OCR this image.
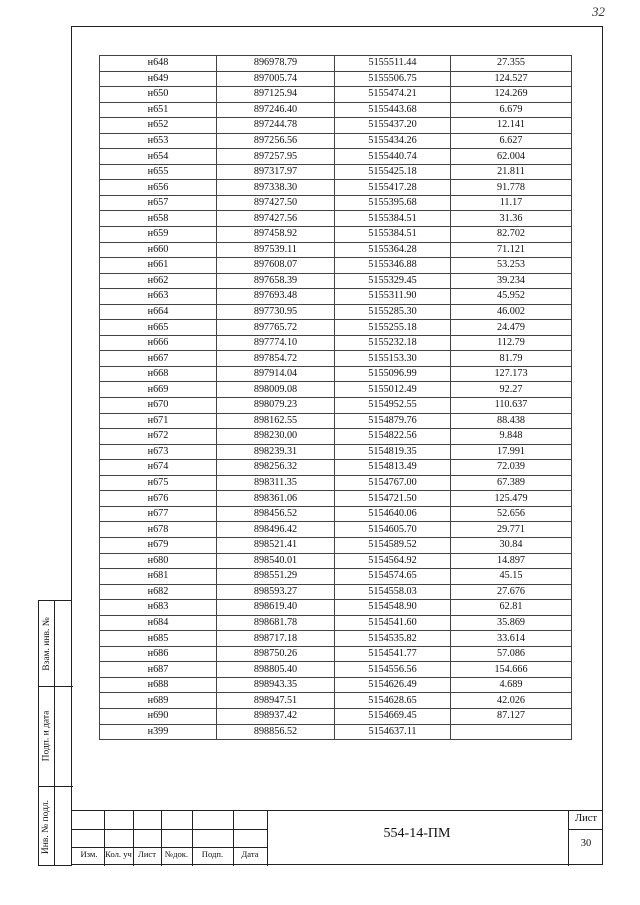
32
н648	896978.79	5155511.44	27.355
н649	897005.74	5155506.75	124.527
н650	897125.94	5155474.21	124.269
н651	897246.40	5155443.68	6.679
н652	897244.78	5155437.20	12.141
н653	897256.56	5155434.26	6.627
н654	897257.95	5155440.74	62.004
н655	897317.97	5155425.18	21.811
н656	897338.30	5155417.28	91.778
н657	897427.50	5155395.68	11.17
н658	897427.56	5155384.51	31.36
н659	897458.92	5155384.51	82.702
н660	897539.11	5155364.28	71.121
н661	897608.07	5155346.88	53.253
н662	897658.39	5155329.45	39.234
н663	897693.48	5155311.90	45.952
н664	897730.95	5155285.30	46.002
н665	897765.72	5155255.18	24.479
н666	897774.10	5155232.18	112.79
н667	897854.72	5155153.30	81.79
н668	897914.04	5155096.99	127.173
н669	898009.08	5155012.49	92.27
н670	898079.23	5154952.55	110.637
н671	898162.55	5154879.76	88.438
н672	898230.00	5154822.56	9.848
н673	898239.31	5154819.35	17.991
н674	898256.32	5154813.49	72.039
н675	898311.35	5154767.00	67.389
н676	898361.06	5154721.50	125.479
н677	898456.52	5154640.06	52.656
н678	898496.42	5154605.70	29.771
н679	898521.41	5154589.52	30.84
н680	898540.01	5154564.92	14.897
н681	898551.29	5154574.65	45.15
н682	898593.27	5154558.03	27.676
н683	898619.40	5154548.90	62.81
н684	898681.78	5154541.60	35.869
н685	898717.18	5154535.82	33.614
н686	898750.26	5154541.77	57.086
н687	898805.40	5154556.56	154.666
н688	898943.35	5154626.49	4.689
н689	898947.51	5154628.65	42.026
н690	898937.42	5154669.45	87.127
н399	898856.52	5154637.11	
Взам. инв. №
Подп. и дата
Инв. № подл.
Изм. Кол. уч Лист	№док.	Подп.	Дата
554-14-ПМ
Лист
30
